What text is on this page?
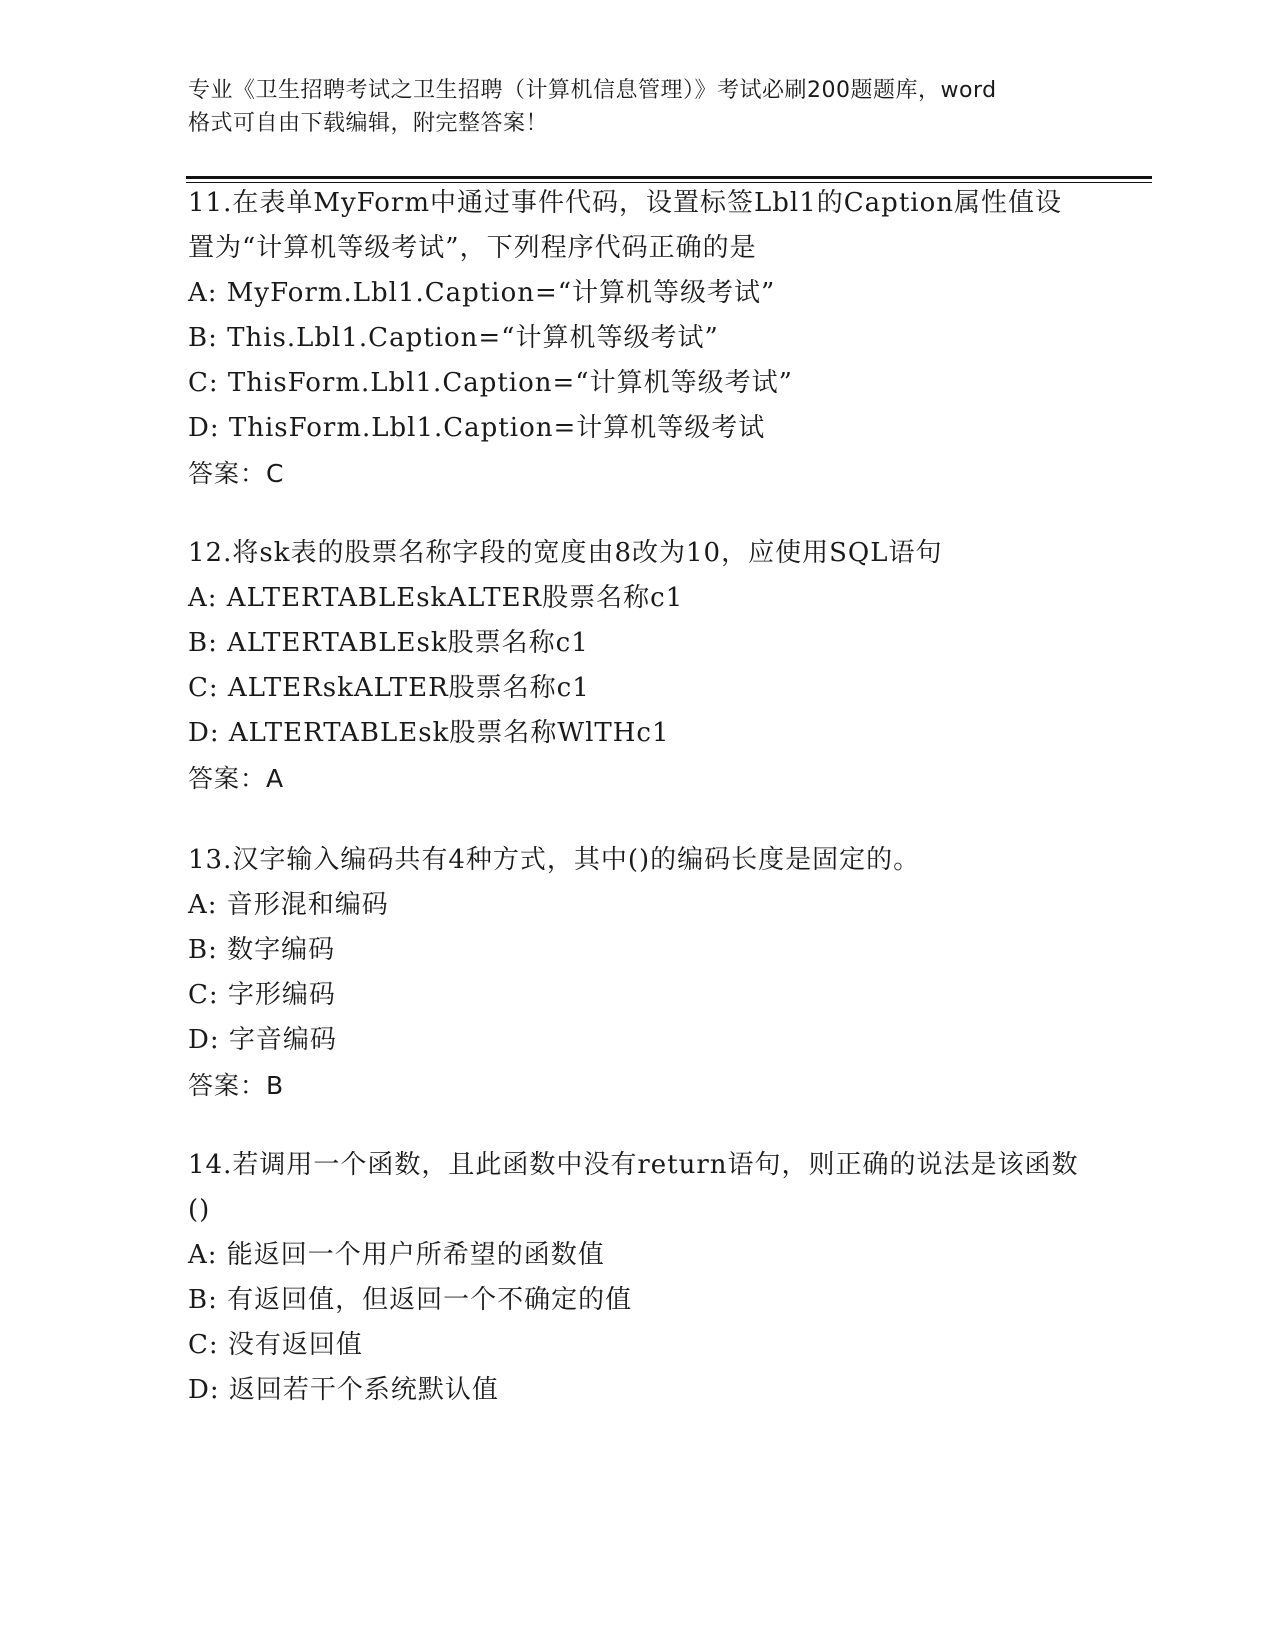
专业《卫生招聘考试之卫生招聘（计算机信息管理）》考试必刷200题题库，word
格式可自由下载编辑，附完整答案！

11.在表单MyForm中通过事件代码，设置标签Lbl1的Caption属性值设置为“计算机等级考试”，下列程序代码正确的是

A: MyForm.Lbl1.Caption=“计算机等级考试”

B: This.Lbl1.Caption=“计算机等级考试”

C: ThisForm.Lbl1.Caption=“计算机等级考试”

D: ThisForm.Lbl1.Caption=计算机等级考试

答案：C

12.将sk表的股票名称字段的宽度由8改为10，应使用SQL语句

A: ALTERTABLEskALTER股票名称c1

B: ALTERTABLEsk股票名称c1

C: ALTERskALTER股票名称c1

D: ALTERTABLEsk股票名称WlTHc1

答案：A

13.汉字输入编码共有4种方式，其中()的编码长度是固定的。

A: 音形混和编码

B: 数字编码

C: 字形编码

D: 字音编码

答案：B

14.若调用一个函数，且此函数中没有return语句，则正确的说法是该函数()

A: 能返回一个用户所希望的函数值

B: 有返回值，但返回一个不确定的值

C: 没有返回值

D: 返回若干个系统默认值
